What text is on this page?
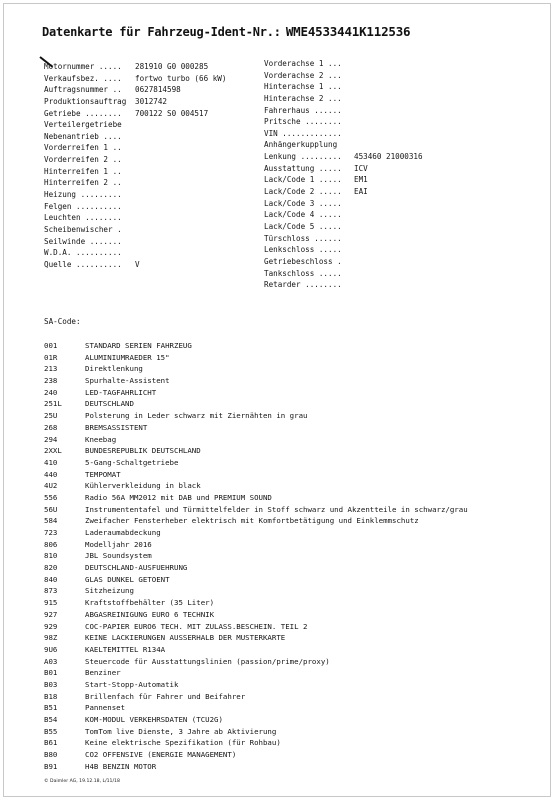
Datenkarte für Fahrzeug-Ident-Nr.: WME4533441K112536
Motornummer ..... 281910 G0 000285
Verkaufsbez. .... fortwo turbo (66 kW)
Auftragsnummer .. 0627814598
Produktionsauftrag 3012742
Getriebe ........ 700122 S0 004517
Verteilergetriebe
Nebenantrieb ....
Vorderreifen 1 ..
Vorderreifen 2 ..
Hinterreifen 1 ..
Hinterreifen 2 ..
Heizung .........
Felgen ..........
Leuchten ........
Scheibenwischer .
Seilwinde .......
W.D.A. ..........
Quelle .......... V
Vorderachse 1 ...
Vorderachse 2 ...
Hinterachse 1 ...
Hinterachse 2 ...
Fahrerhaus ......
Pritsche ........
VIN .............
Anhängerkupplung
Lenkung ......... 453460 21000316
Ausstattung ..... ICV
Lack/Code 1 ..... EM1
Lack/Code 2 ..... EAI
Lack/Code 3 .....
Lack/Code 4 .....
Lack/Code 5 .....
Türschloss ......
Lenkschloss .....
Getriebeschloss .
Tankschloss .....
Retarder ........
SA-Code:
001	STANDARD SERIEN FAHRZEUG
01R	ALUMINIUMRAEDER 15"
213	Direktlenkung
238	Spurhalte-Assistent
240	LED-TAGFAHRLICHT
251L	DEUTSCHLAND
25U	Polsterung in Leder schwarz mit Ziernähten in grau
268	BREMSASSISTENT
294	Kneebag
2XXL	BUNDESREPUBLIK DEUTSCHLAND
410	5-Gang-Schaltgetriebe
440	TEMPOMAT
4U2	Kühlerverkleidung in black
556	Radio 56A MM2012 mit DAB und PREMIUM SOUND
56U	Instrumententafel und Türmittelfelder in Stoff schwarz und Akzentteile in schwarz/grau
584	Zweifacher Fensterheber elektrisch mit Komfortbetätigung und Einklemmschutz
723	Laderaumabdeckung
806	Modelljahr 2016
810	JBL Soundsystem
820	DEUTSCHLAND-AUSFUEHRUNG
840	GLAS DUNKEL GETOENT
873	Sitzheizung
915	Kraftstoffbehälter (35 Liter)
927	ABGASREINIGUNG EURO 6 TECHNIK
929	COC-PAPIER EURO6 TECH. MIT ZULASS.BESCHEIN. TEIL 2
98Z	KEINE LACKIERUNGEN AUSSERHALB DER MUSTERKARTE
9U6	KAELTEMITTEL R134A
A03	Steuercode für Ausstattungslinien (passion/prime/proxy)
B01	Benziner
B03	Start-Stopp-Automatik
B18	Brillenfach für Fahrer und Beifahrer
B51	Pannenset
B54	KOM-MODUL VERKEHRSDATEN (TCU2G)
B55	TomTom live Dienste, 3 Jahre ab Aktivierung
B61	Keine elektrische Spezifikation (für Rohbau)
B80	CO2 OFFENSIVE (ENERGIE MANAGEMENT)
B91	H4B BENZIN MOTOR
© Daimler AG, 19.12.18, L/11/18
